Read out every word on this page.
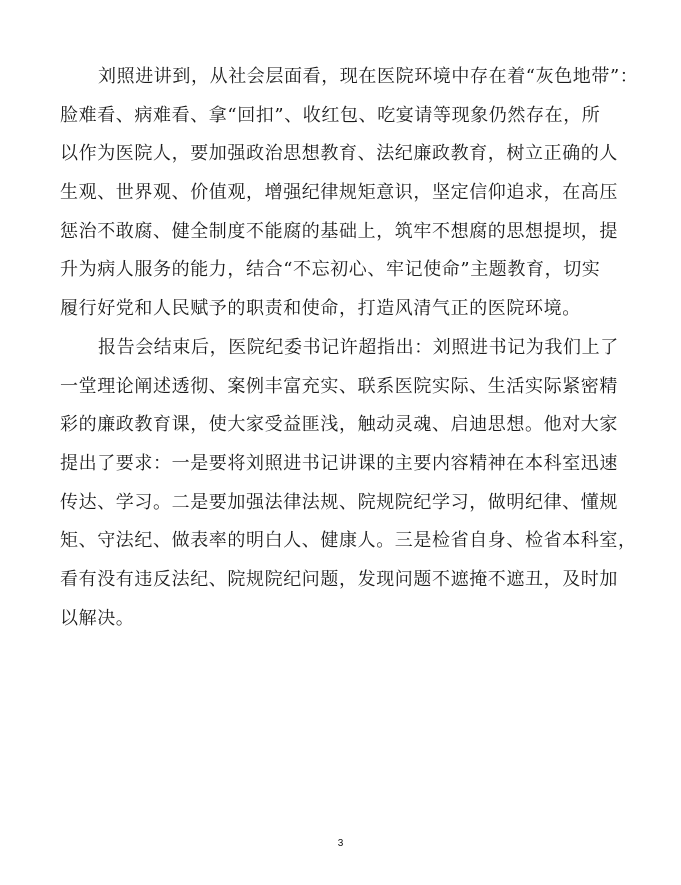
刘照进讲到，从社会层面看，现在医院环境中存在着“灰色地带”：
脸难看、病难看、拿“回扣”、收红包、吃宴请等现象仍然存在，所
以作为医院人，要加强政治思想教育、法纪廉政教育，树立正确的人
生观、世界观、价值观，增强纪律规矩意识，坚定信仰追求，在高压
惩治不敢腐、健全制度不能腐的基础上，筑牢不想腐的思想提坝，提
升为病人服务的能力，结合“不忘初心、牢记使命”主题教育，切实
履行好党和人民赋予的职责和使命，打造风清气正的医院环境。

报告会结束后，医院纪委书记许超指出：刘照进书记为我们上了
一堂理论阐述透彻、案例丰富充实、联系医院实际、生活实际紧密精
彩的廉政教育课，使大家受益匪浅，触动灵魂、启迪思想。他对大家
提出了要求：一是要将刘照进书记讲课的主要内容精神在本科室迅速
传达、学习。二是要加强法律法规、院规院纪学习，做明纪律、懂规
矩、守法纪、做表率的明白人、健康人。三是检省自身、检省本科室，
看有没有违反法纪、院规院纪问题，发现问题不遮掩不遮丑，及时加
以解决。

3
